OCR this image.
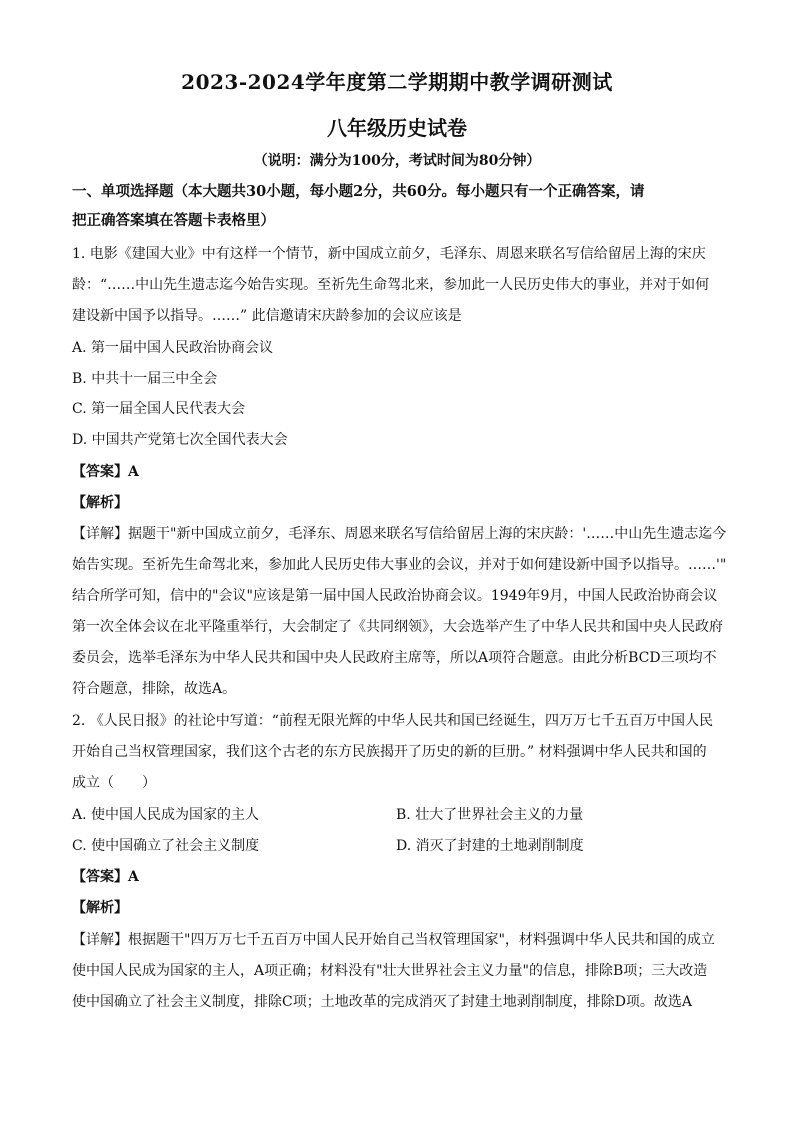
2023-2024学年度第二学期期中教学调研测试
八年级历史试卷
（说明：满分为100分，考试时间为80分钟）
一、单项选择题（本大题共30小题，每小题2分，共60分。每小题只有一个正确答案，请
把正确答案填在答题卡表格里）
1. 电影《建国大业》中有这样一个情节，新中国成立前夕，毛泽东、周恩来联名写信给留居上海的宋庆
龄：“……中山先生遗志迄今始告实现。至祈先生命驾北来，参加此一人民历史伟大的事业，并对于如何
建设新中国予以指导。……” 此信邀请宋庆龄参加的会议应该是
A. 第一届中国人民政治协商会议
B. 中共十一届三中全会
C. 第一届全国人民代表大会
D. 中国共产党第七次全国代表大会
【答案】A
【解析】
【详解】据题干"新中国成立前夕，毛泽东、周恩来联名写信给留居上海的宋庆龄：'……中山先生遗志迄今
始告实现。至祈先生命驾北来，参加此人民历史伟大事业的会议，并对于如何建设新中国予以指导。……'"
结合所学可知，信中的"会议"应该是第一届中国人民政治协商会议。1949年9月，中国人民政治协商会议
第一次全体会议在北平隆重举行，大会制定了《共同纲领》，大会选举产生了中华人民共和国中央人民政府
委员会，选举毛泽东为中华人民共和国中央人民政府主席等，所以A项符合题意。由此分析BCD三项均不
符合题意，排除，故选A。
2. 《人民日报》的社论中写道：“前程无限光辉的中华人民共和国已经诞生，四万万七千五百万中国人民
开始自己当权管理国家，我们这个古老的东方民族揭开了历史的新的巨册。” 材料强调中华人民共和国的
成立（　　）
A. 使中国人民成为国家的主人	B. 壮大了世界社会主义的力量
C. 使中国确立了社会主义制度	D. 消灭了封建的土地剥削制度
【答案】A
【解析】
【详解】根据题干"四万万七千五百万中国人民开始自己当权管理国家"，材料强调中华人民共和国的成立
使中国人民成为国家的主人，A项正确；材料没有"壮大世界社会主义力量"的信息，排除B项；三大改造
使中国确立了社会主义制度，排除C项；土地改革的完成消灭了封建土地剥削制度，排除D项。故选A
